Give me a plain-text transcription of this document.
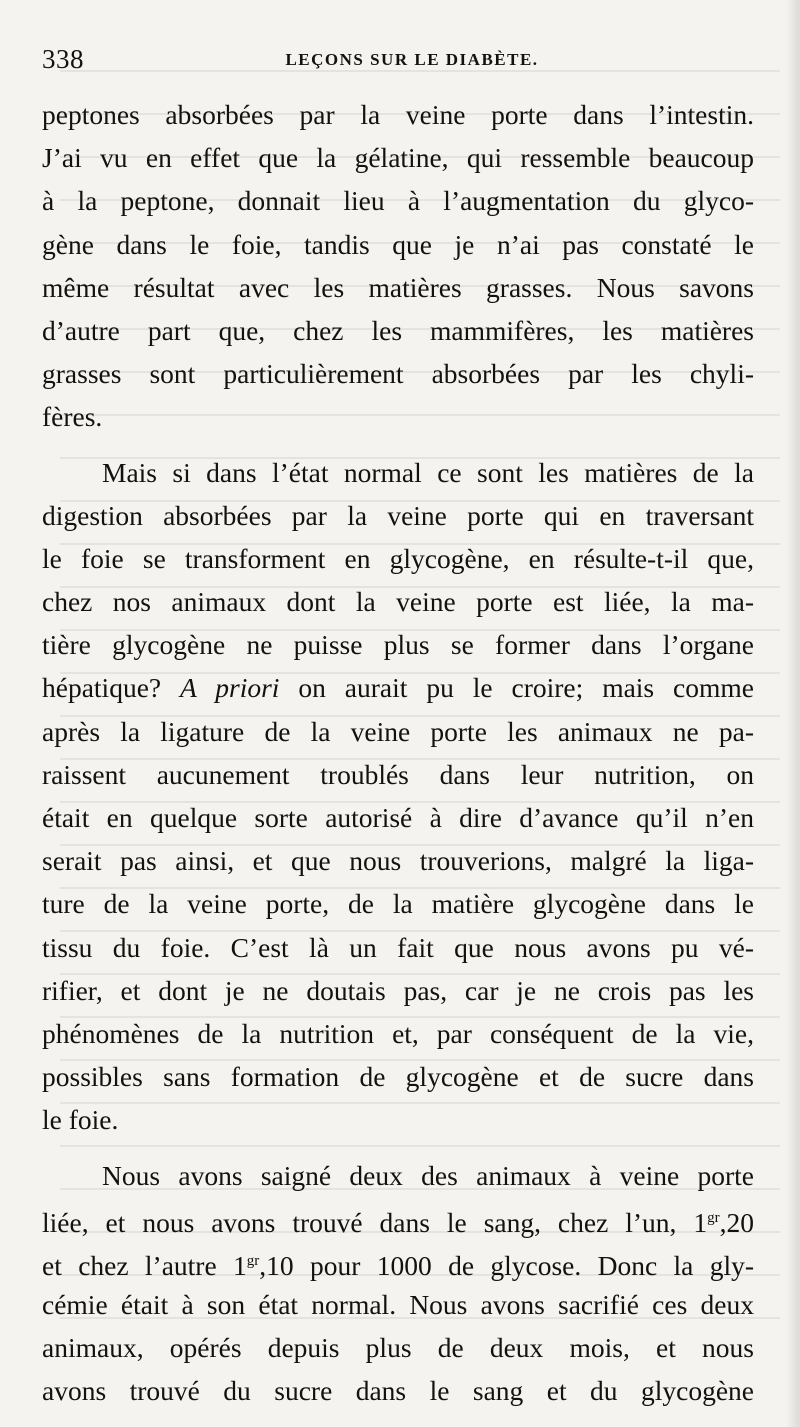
338	LEÇONS SUR LE DIABÈTE.
peptones absorbées par la veine porte dans l’intestin.
J’ai vu en effet que la gélatine, qui ressemble beaucoup
à la peptone, donnait lieu à l’augmentation du glyco-
gène dans le foie, tandis que je n’ai pas constaté le
même résultat avec les matières grasses. Nous savons
d’autre part que, chez les mammifères, les matières
grasses sont particulièrement absorbées par les chyli-
fères.
Mais si dans l’état normal ce sont les matières de la
digestion absorbées par la veine porte qui en traversant
le foie se transforment en glycogène, en résulte-t-il que,
chez nos animaux dont la veine porte est liée, la ma-
tière glycogène ne puisse plus se former dans l’organe
hépatique? A priori on aurait pu le croire; mais comme
après la ligature de la veine porte les animaux ne pa-
raissent aucunement troublés dans leur nutrition, on
était en quelque sorte autorisé à dire d’avance qu’il n’en
serait pas ainsi, et que nous trouverions, malgré la liga-
ture de la veine porte, de la matière glycogène dans le
tissu du foie. C’est là un fait que nous avons pu vé-
rifier, et dont je ne doutais pas, car je ne crois pas les
phénomènes de la nutrition et, par conséquent de la vie,
possibles sans formation de glycogène et de sucre dans
le foie.
Nous avons saigné deux des animaux à veine porte
liée, et nous avons trouvé dans le sang, chez l’un, $1^{gr},20$
et chez l’autre $1^{gr},10$ pour 1000 de glycose. Donc la gly-
cémie était à son état normal. Nous avons sacrifié ces deux
animaux, opérés depuis plus de deux mois, et nous
avons trouvé du sucre dans le sang et du glycogène
